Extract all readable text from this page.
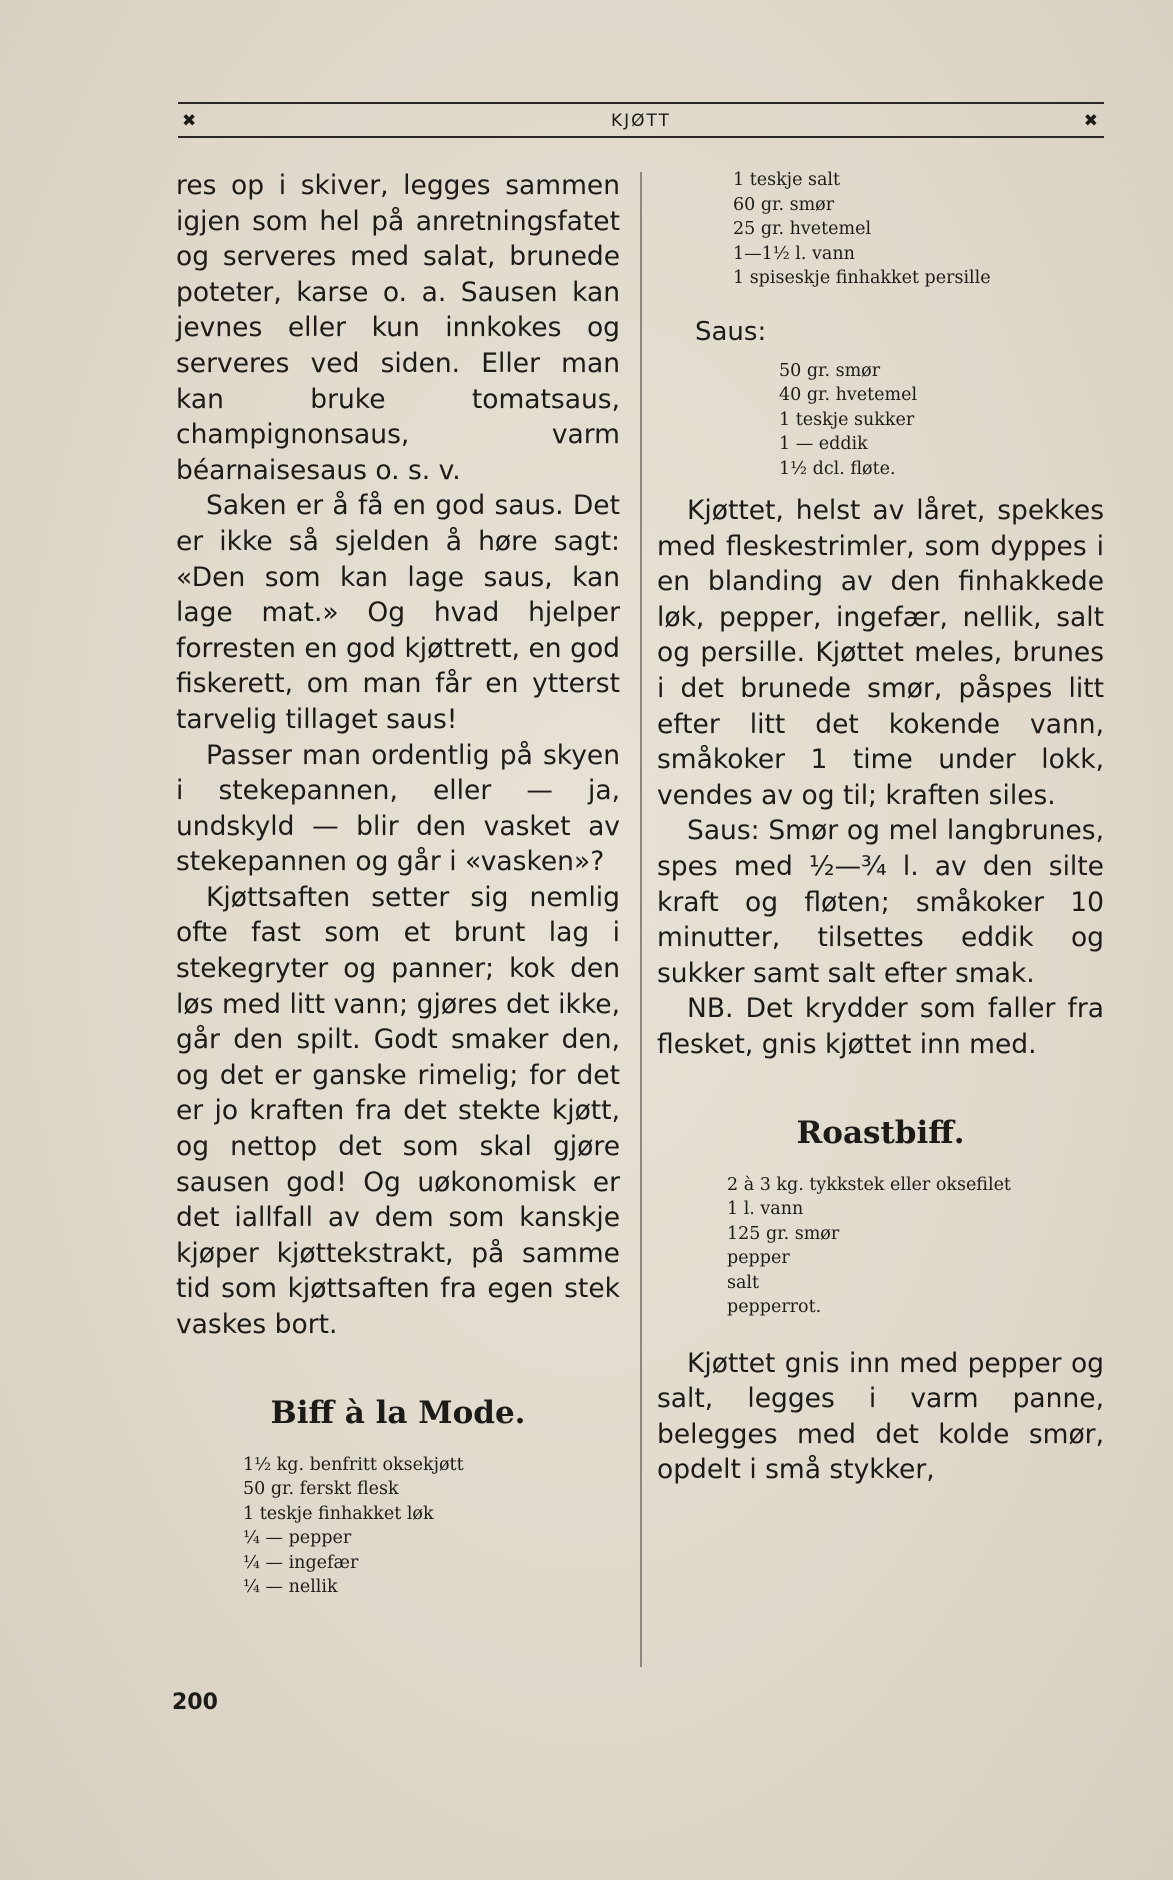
✖	KJØTT	✖

res op i skiver, legges sammen igjen som hel på anretningsfatet og serveres med salat, brunede poteter, karse o. a. Sausen kan jevnes eller kun innkokes og serveres ved siden. Eller man kan bruke tomatsaus, champignonsaus, varm béarnaisesaus o. s. v.

Saken er å få en god saus. Det er ikke så sjelden å høre sagt: «Den som kan lage saus, kan lage mat.» Og hvad hjelper forresten en god kjøttrett, en god fiskerett, om man får en ytterst tarvelig tillaget saus!

Passer man ordentlig på skyen i stekepannen, eller — ja, undskyld — blir den vasket av stekepannen og går i «vasken»?

Kjøttsaften setter sig nemlig ofte fast som et brunt lag i stekegryter og panner; kok den løs med litt vann; gjøres det ikke, går den spilt. Godt smaker den, og det er ganske rimelig; for det er jo kraften fra det stekte kjøtt, og nettop det som skal gjøre sausen god! Og uøkonomisk er det iallfall av dem som kanskje kjøper kjøttekstrakt, på samme tid som kjøttsaften fra egen stek vaskes bort.

Biff à la Mode.
1½ kg. benfritt oksekjøtt
50 gr. ferskt flesk
1 teskje finhakket løk
¼ — pepper
¼ — ingefær
¼ — nellik
1 teskje salt
60 gr. smør
25 gr. hvetemel
1—1½ l. vann
1 spiseskje finhakket persille

Saus:

50 gr. smør
40 gr. hvetemel
1 teskje sukker
1 — eddik
1½ dcl. fløte.

Kjøttet, helst av låret, spekkes med fleskestrimler, som dyppes i en blanding av den finhakkede løk, pepper, ingefær, nellik, salt og persille. Kjøttet meles, brunes i det brunede smør, påspes litt efter litt det kokende vann, småkoker 1 time under lokk, vendes av og til; kraften siles.

Saus: Smør og mel langbrunes, spes med ½—¾ l. av den silte kraft og fløten; småkoker 10 minutter, tilsettes eddik og sukker samt salt efter smak.

NB. Det krydder som faller fra flesket, gnis kjøttet inn med.

Roastbiff.
2 à 3 kg. tykkstek eller oksefilet
1 l. vann
125 gr. smør
pepper
salt
pepperrot.

Kjøttet gnis inn med pepper og salt, legges i varm panne, belegges med det kolde smør, opdelt i små stykker,

200
